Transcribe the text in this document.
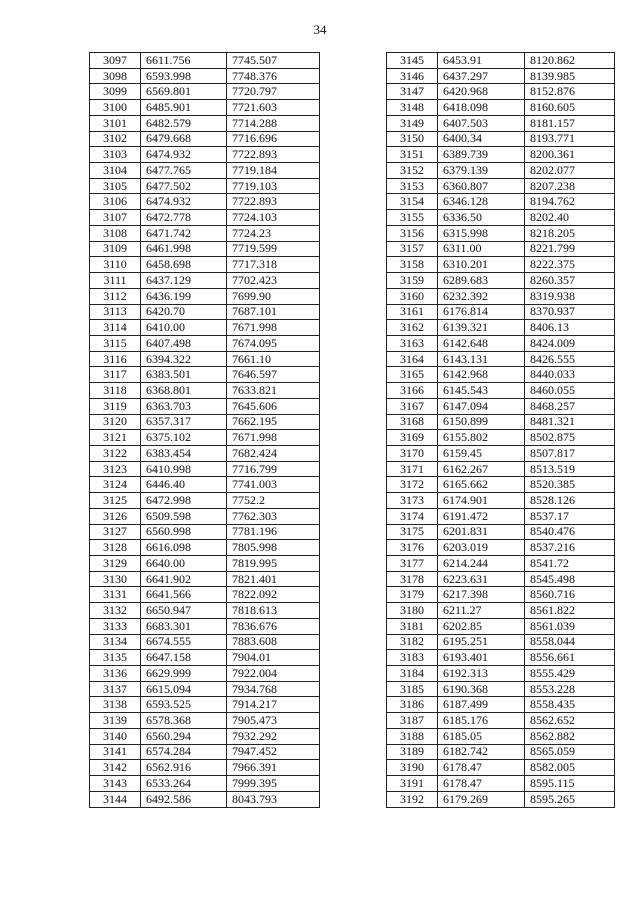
34
3097	6611.756	7745.507
3098	6593.998	7748.376
3099	6569.801	7720.797
3100	6485.901	7721.603
3101	6482.579	7714.288
3102	6479.668	7716.696
3103	6474.932	7722.893
3104	6477.765	7719.184
3105	6477.502	7719.103
3106	6474.932	7722.893
3107	6472.778	7724.103
3108	6471.742	7724.23
3109	6461.998	7719.599
3110	6458.698	7717.318
3111	6437.129	7702.423
3112	6436.199	7699.90
3113	6420.70	7687.101
3114	6410.00	7671.998
3115	6407.498	7674.095
3116	6394.322	7661.10
3117	6383.501	7646.597
3118	6368.801	7633.821
3119	6363.703	7645.606
3120	6357.317	7662.195
3121	6375.102	7671.998
3122	6383.454	7682.424
3123	6410.998	7716.799
3124	6446.40	7741.003
3125	6472.998	7752.2
3126	6509.598	7762.303
3127	6560.998	7781.196
3128	6616.098	7805.998
3129	6640.00	7819.995
3130	6641.902	7821.401
3131	6641.566	7822.092
3132	6650.947	7818.613
3133	6683.301	7836.676
3134	6674.555	7883.608
3135	6647.158	7904.01
3136	6629.999	7922.004
3137	6615.094	7934.768
3138	6593.525	7914.217
3139	6578.368	7905.473
3140	6560.294	7932.292
3141	6574.284	7947.452
3142	6562.916	7966.391
3143	6533.264	7999.395
3144	6492.586	8043.793
3145	6453.91	8120.862
3146	6437.297	8139.985
3147	6420.968	8152.876
3148	6418.098	8160.605
3149	6407.503	8181.157
3150	6400.34	8193.771
3151	6389.739	8200.361
3152	6379.139	8202.077
3153	6360.807	8207.238
3154	6346.128	8194.762
3155	6336.50	8202.40
3156	6315.998	8218.205
3157	6311.00	8221.799
3158	6310.201	8222.375
3159	6289.683	8260.357
3160	6232.392	8319.938
3161	6176.814	8370.937
3162	6139.321	8406.13
3163	6142.648	8424.009
3164	6143.131	8426.555
3165	6142.968	8440.033
3166	6145.543	8460.055
3167	6147.094	8468.257
3168	6150.899	8481.321
3169	6155.802	8502.875
3170	6159.45	8507.817
3171	6162.267	8513.519
3172	6165.662	8520.385
3173	6174.901	8528.126
3174	6191.472	8537.17
3175	6201.831	8540.476
3176	6203.019	8537.216
3177	6214.244	8541.72
3178	6223.631	8545.498
3179	6217.398	8560.716
3180	6211.27	8561.822
3181	6202.85	8561.039
3182	6195.251	8558.044
3183	6193.401	8556.661
3184	6192.313	8555.429
3185	6190.368	8553.228
3186	6187.499	8558.435
3187	6185.176	8562.652
3188	6185.05	8562.882
3189	6182.742	8565.059
3190	6178.47	8582.005
3191	6178.47	8595.115
3192	6179.269	8595.265
